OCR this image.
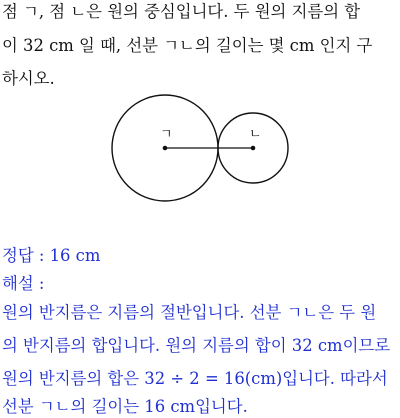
점 ㄱ, 점 ㄴ은 원의 중심입니다. 두 원의 지름의 합
이 32 cm 일 때, 선분 ㄱㄴ의 길이는 몇 cm 인지 구
하시오.
ㄱ	ㄴ
정답 : 16 cm
해설 :
원의 반지름은 지름의 절반입니다. 선분 ㄱㄴ은 두 원
의 반지름의 합입니다. 원의 지름의 합이 32 cm이므로
원의 반지름의 합은 32 ÷ 2 = 16(cm)입니다. 따라서
선분 ㄱㄴ의 길이는 16 cm입니다.
